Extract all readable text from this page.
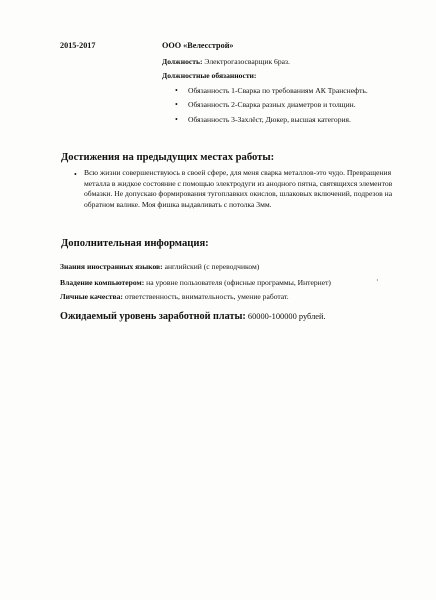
2015-2017	ООО «Велесстрой»
Должность: Электрогазосварщик 6раз.
Должностные обязанности:
• Обязанность 1-Сварка по требованиям АК Транснефть.
• Обязанность 2-Сварка разных диаметров и толщин.
• Обязанность 3-Захлёст, Дюкер, высшая категория.
Достижения на предыдущих местах работы:
• Всю жизни совершенствуюсь в своей сфере, для меня сварка металлов-это чудо. Превращения металла в жидкое состояние с помощью электродуги из анодного пятна, святящихся элементов обмазки. Не допускаю формирования тугоплавких окислов, шлаковых включений, подрезов на обратном валике. Моя фишка выдавливать с потолка 3мм.
Дополнительная информация:
Знания иностранных языков: английский (с переводчиком)
Владение компьютером: на уровне пользователя (офисные программы, Интернет)	·
Личные качества: ответственность, внимательность, умение работат.
Ожидаемый уровень заработной платы: 60000-100000 рублей.
